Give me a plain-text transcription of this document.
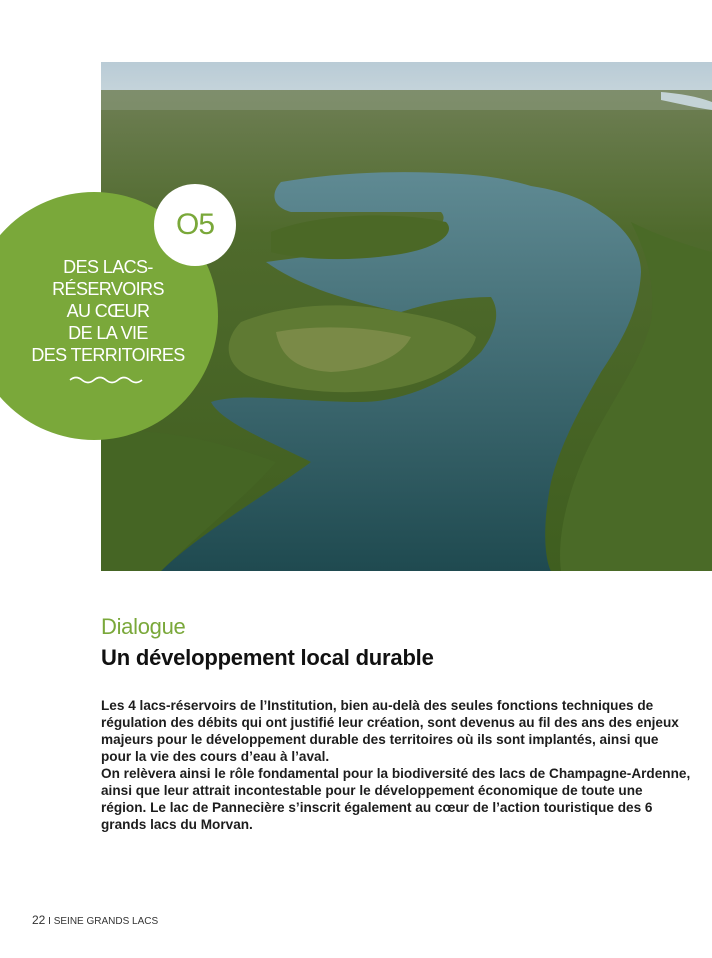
O5
DES LACS-
RÉSERVOIRS
AU CŒUR
DE LA VIE
DES TERRITOIRES
Dialogue
Un développement local durable

Les 4 lacs-réservoirs de l’Institution, bien au-delà des seules fonctions techniques de régulation des débits qui ont justifié leur création, sont devenus au fil des ans des enjeux majeurs pour le développement durable des territoires où ils sont implantés, ainsi que pour la vie des cours d’eau à l’aval.

On relèvera ainsi le rôle fondamental pour la biodiversité des lacs de Champagne-Ardenne, ainsi que leur attrait incontestable pour le développement économique de toute une région. Le lac de Pannecière s’inscrit également au cœur de l’action touristique des 6 grands lacs du Morvan.

22 I SEINE GRANDS LACS
